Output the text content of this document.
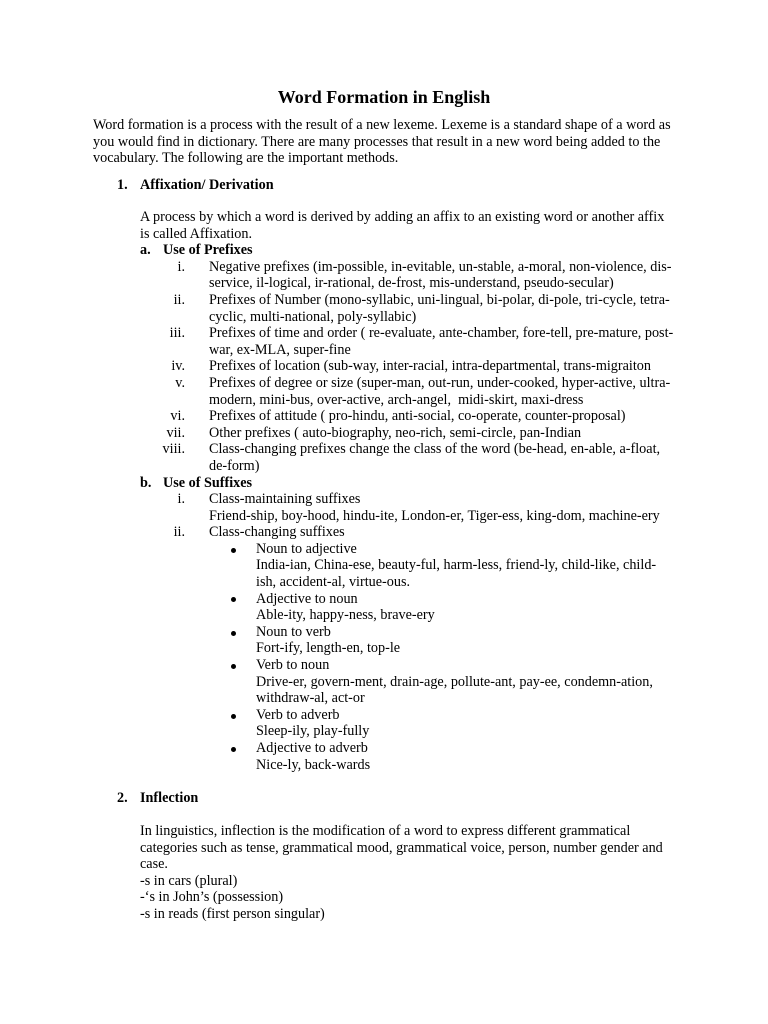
Word Formation in English
Word formation is a process with the result of a new lexeme. Lexeme is a standard shape of a word as
you would find in dictionary. There are many processes that result in a new word being added to the
vocabulary. The following are the important methods.
1. Affixation/ Derivation
A process by which a word is derived by adding an affix to an existing word or another affix
is called Affixation.
a. Use of Prefixes
i. Negative prefixes (im-possible, in-evitable, un-stable, a-moral, non-violence, dis-
service, il-logical, ir-rational, de-frost, mis-understand, pseudo-secular)
ii. Prefixes of Number (mono-syllabic, uni-lingual, bi-polar, di-pole, tri-cycle, tetra-
cyclic, multi-national, poly-syllabic)
iii. Prefixes of time and order ( re-evaluate, ante-chamber, fore-tell, pre-mature, post-
war, ex-MLA, super-fine
iv. Prefixes of location (sub-way, inter-racial, intra-departmental, trans-migraiton
v. Prefixes of degree or size (super-man, out-run, under-cooked, hyper-active, ultra-
modern, mini-bus, over-active, arch-angel,  midi-skirt, maxi-dress
vi. Prefixes of attitude ( pro-hindu, anti-social, co-operate, counter-proposal)
vii. Other prefixes ( auto-biography, neo-rich, semi-circle, pan-Indian
viii. Class-changing prefixes change the class of the word (be-head, en-able, a-float,
de-form)
b. Use of Suffixes
i. Class-maintaining suffixes
Friend-ship, boy-hood, hindu-ite, London-er, Tiger-ess, king-dom, machine-ery
ii. Class-changing suffixes
Noun to adjective
India-ian, China-ese, beauty-ful, harm-less, friend-ly, child-like, child-
ish, accident-al, virtue-ous.
Adjective to noun
Able-ity, happy-ness, brave-ery
Noun to verb
Fort-ify, length-en, top-le
Verb to noun
Drive-er, govern-ment, drain-age, pollute-ant, pay-ee, condemn-ation,
withdraw-al, act-or
Verb to adverb
Sleep-ily, play-fully
Adjective to adverb
Nice-ly, back-wards
2. Inflection
In linguistics, inflection is the modification of a word to express different grammatical
categories such as tense, grammatical mood, grammatical voice, person, number gender and
case.
-s in cars (plural)
-‘s in John’s (possession)
-s in reads (first person singular)
